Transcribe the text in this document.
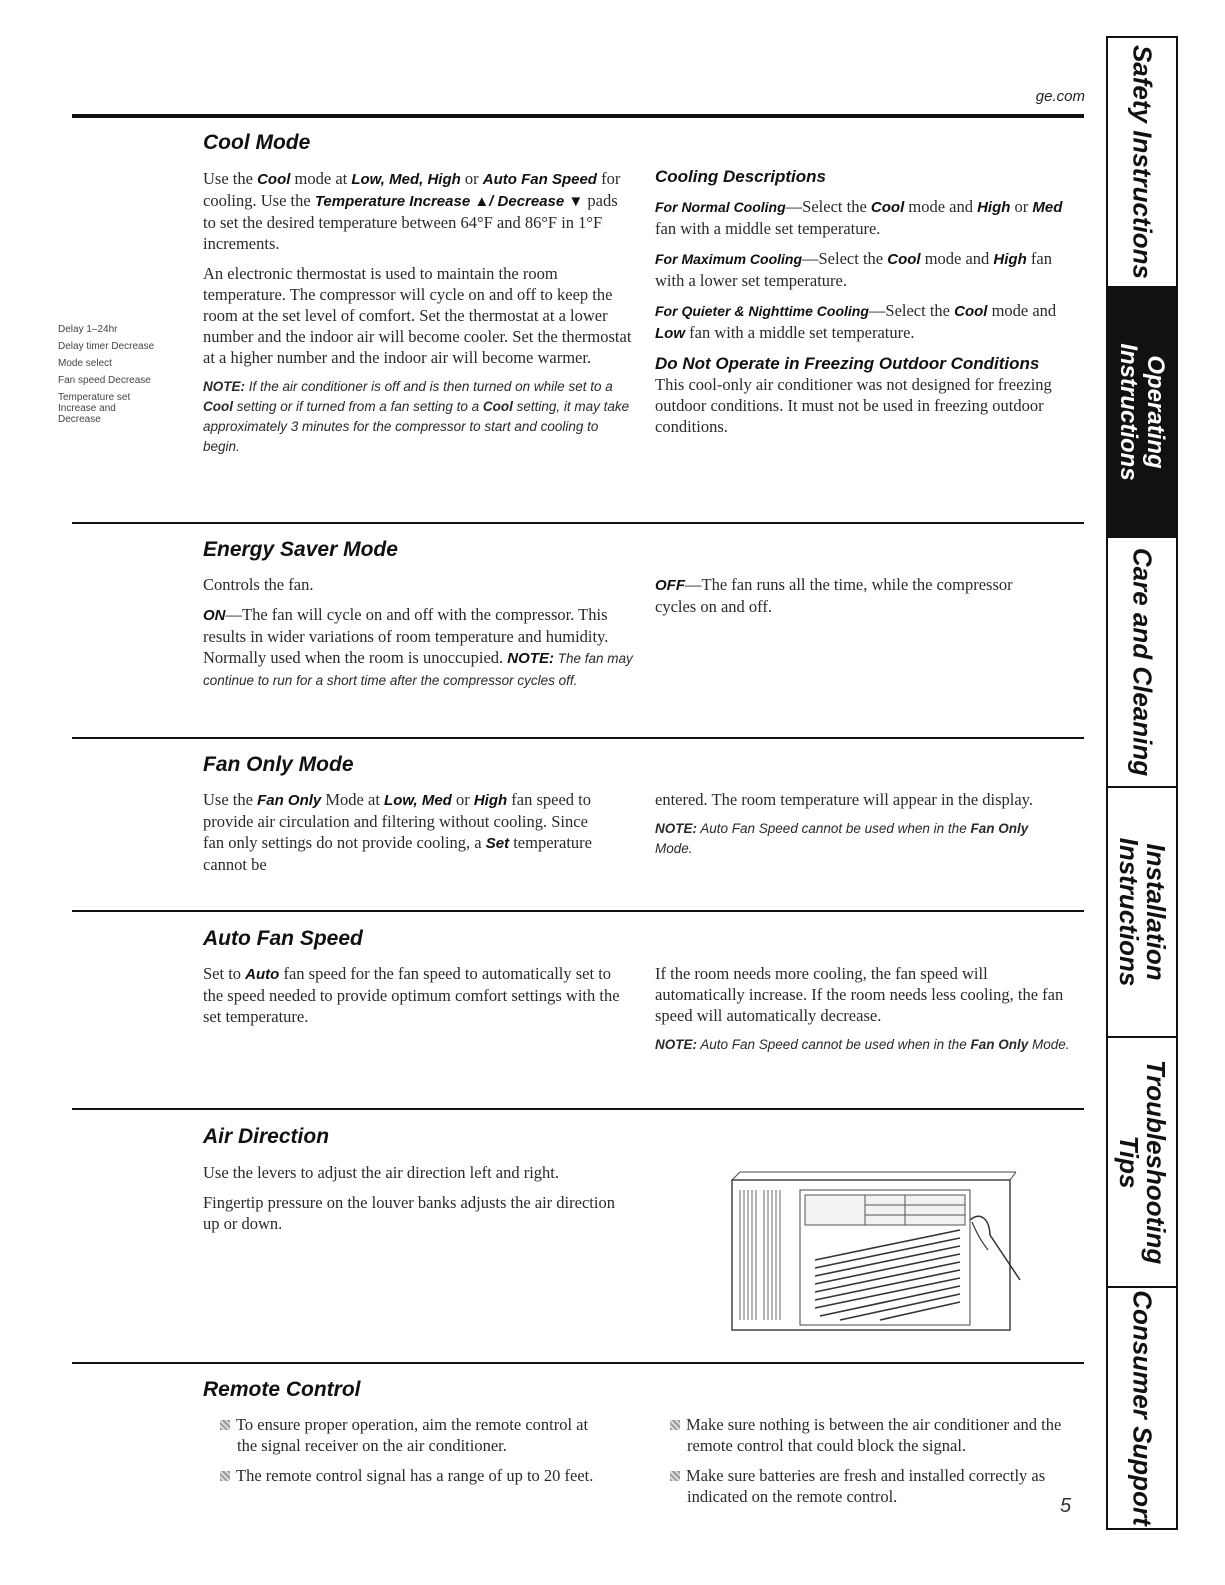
ge.com
Delay 1–24hr
Delay timer Decrease
Mode select
Fan speed Decrease
Temperature set Increase and Decrease
Cool Mode

Use the Cool mode at Low, Med, High or Auto Fan Speed for cooling. Use the Temperature Increase ▲/ Decrease ▼ pads to set the desired temperature between 64°F and 86°F in 1°F increments.

An electronic thermostat is used to maintain the room temperature. The compressor will cycle on and off to keep the room at the set level of comfort. Set the thermostat at a lower number and the indoor air will become cooler. Set the thermostat at a higher number and the indoor air will become warmer.

NOTE: If the air conditioner is off and is then turned on while set to a Cool setting or if turned from a fan setting to a Cool setting, it may take approximately 3 minutes for the compressor to start and cooling to begin.

Cooling Descriptions

For Normal Cooling—Select the Cool mode and High or Med fan with a middle set temperature.

For Maximum Cooling—Select the Cool mode and High fan with a lower set temperature.

For Quieter & Nighttime Cooling—Select the Cool mode and Low fan with a middle set temperature.

Do Not Operate in Freezing Outdoor Conditions

This cool-only air conditioner was not designed for freezing outdoor conditions. It must not be used in freezing outdoor conditions.

Energy Saver Mode

Controls the fan.

ON—The fan will cycle on and off with the compressor. This results in wider variations of room temperature and humidity. Normally used when the room is unoccupied. NOTE: The fan may continue to run for a short time after the compressor cycles off.

OFF—The fan runs all the time, while the compressor cycles on and off.

Fan Only Mode

Use the Fan Only Mode at Low, Med or High fan speed to provide air circulation and filtering without cooling. Since fan only settings do not provide cooling, a Set temperature cannot be

entered. The room temperature will appear in the display.

NOTE: Auto Fan Speed cannot be used when in the Fan Only Mode.

Auto Fan Speed

Set to Auto fan speed for the fan speed to automatically set to the speed needed to provide optimum comfort settings with the set temperature.

If the room needs more cooling, the fan speed will automatically increase. If the room needs less cooling, the fan speed will automatically decrease.

NOTE: Auto Fan Speed cannot be used when in the Fan Only Mode.

Air Direction

Use the levers to adjust the air direction left and right.

Fingertip pressure on the louver banks adjusts the air direction up or down.

Remote Control

To ensure proper operation, aim the remote control at the signal receiver on the air conditioner.

The remote control signal has a range of up to 20 feet.

Make sure nothing is between the air conditioner and the remote control that could block the signal.

Make sure batteries are fresh and installed correctly as indicated on the remote control.	5
Safety Instructions
Operating Instructions
Care and Cleaning
Installation Instructions
Troubleshooting Tips
Consumer Support
